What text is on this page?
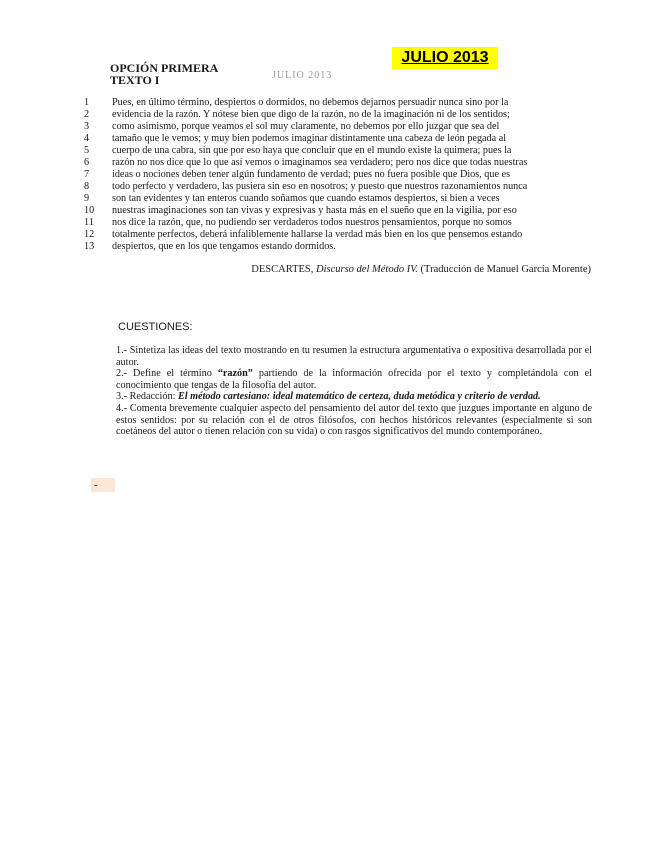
JULIO 2013
OPCIÓN PRIMERA
TEXTO I	JULIO 2013
1	Pues, en último término, despiertos o dormidos, no debemos dejarnos persuadir nunca sino por la
2	evidencia de la razón. Y nótese bien que digo de la razón, no de la imaginación ni de los sentidos;
3	como asimismo, porque veamos el sol muy claramente, no debemos por ello juzgar que sea del
4	tamaño que le vemos; y muy bien podemos imaginar distintamente una cabeza de león pegada al
5	cuerpo de una cabra, sin que por eso haya que concluir que en el mundo existe la quimera; pues la
6	razón no nos dice que lo que así vemos o imaginamos sea verdadero; pero nos dice que todas nuestras
7	ideas o nociones deben tener algún fundamento de verdad; pues no fuera posible que Dios, que es
8	todo perfecto y verdadero, las pusiera sin eso en nosotros; y puesto que nuestros razonamientos nunca
9	son tan evidentes y tan enteros cuando soñamos que cuando estamos despiertos, si bien a veces
10	nuestras imaginaciones son tan vivas y expresivas y hasta más en el sueño que en la vigilia, por eso
11	nos dice la razón, que, no pudiendo ser verdaderos todos nuestros pensamientos, porque no somos
12	totalmente perfectos, deberá infaliblemente hallarse la verdad más bien en los que pensemos estando
13	despiertos, que en los que tengamos estando dormidos.
DESCARTES, Discurso del Método IV. (Traducción de Manuel García Morente)
CUESTIONES:

1.- Sintetiza las ideas del texto mostrando en tu resumen la estructura argumentativa o expositiva desarrollada por el autor.

2.- Define el término “razón” partiendo de la información ofrecida por el texto y completándola con el conocimiento que tengas de la filosofía del autor.

3.- Redacción: El método cartesiano: ideal matemático de certeza, duda metódica y criterio de verdad.

4.- Comenta brevemente cualquier aspecto del pensamiento del autor del texto que juzgues importante en alguno de estos sentidos: por su relación con el de otros filósofos, con hechos históricos relevantes (especialmente si son coetáneos del autor o tienen relación con su vida) o con rasgos significativos del mundo contemporáneo.

-
